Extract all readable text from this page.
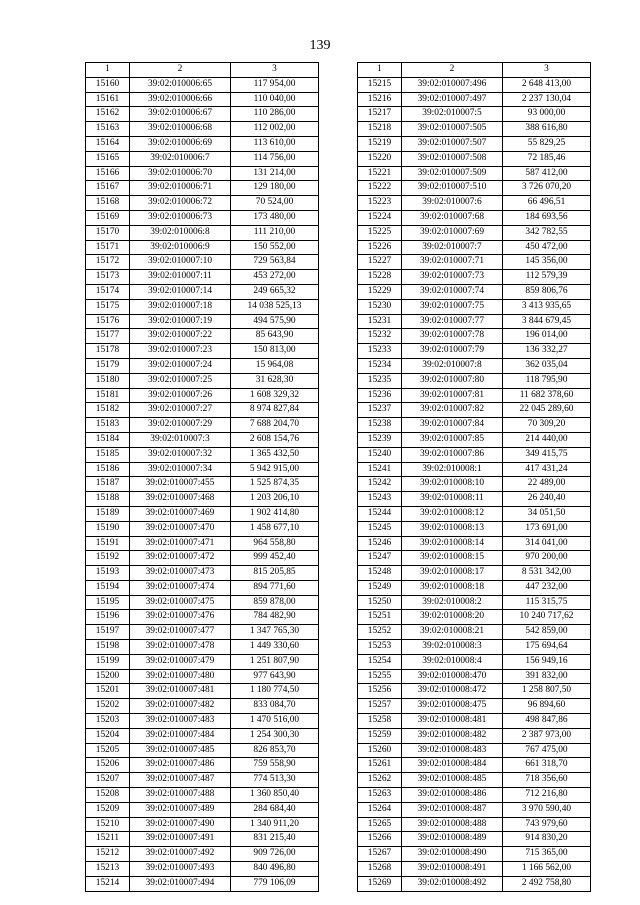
139
1	2	3
15160	39:02:010006:65	117 954,00
15161	39:02:010006:66	110 040,00
15162	39:02:010006:67	110 286,00
15163	39:02:010006:68	112 002,00
15164	39:02:010006:69	113 610,00
15165	39:02:010006:7	114 756,00
15166	39:02:010006:70	131 214,00
15167	39:02:010006:71	129 180,00
15168	39:02:010006:72	70 524,00
15169	39:02:010006:73	173 480,00
15170	39:02:010006:8	111 210,00
15171	39:02:010006:9	150 552,00
15172	39:02:010007:10	729 563,84
15173	39:02:010007:11	453 272,00
15174	39:02:010007:14	249 665,32
15175	39:02:010007:18	14 038 525,13
15176	39:02:010007:19	494 575,90
15177	39:02:010007:22	85 643,90
15178	39:02:010007:23	150 813,00
15179	39:02:010007:24	15 964,08
15180	39:02:010007:25	31 628,30
15181	39:02:010007:26	1 608 329,32
15182	39:02:010007:27	8 974 827,84
15183	39:02:010007:29	7 688 204,70
15184	39:02:010007:3	2 608 154,76
15185	39:02:010007:32	1 365 432,50
15186	39:02:010007:34	5 942 915,00
15187	39:02:010007:455	1 525 874,35
15188	39:02:010007:468	1 203 206,10
15189	39:02:010007:469	1 902 414,80
15190	39:02:010007:470	1 458 677,10
15191	39:02:010007:471	964 558,80
15192	39:02:010007:472	999 452,40
15193	39:02:010007:473	815 205,85
15194	39:02:010007:474	894 771,60
15195	39:02:010007:475	859 878,00
15196	39:02:010007:476	784 482,90
15197	39:02:010007:477	1 347 765,30
15198	39:02:010007:478	1 449 330,60
15199	39:02:010007:479	1 251 807,90
15200	39:02:010007:480	977 643,90
15201	39:02:010007:481	1 180 774,50
15202	39:02:010007:482	833 084,70
15203	39:02:010007:483	1 470 516,00
15204	39:02:010007:484	1 254 300,30
15205	39:02:010007:485	826 853,70
15206	39:02:010007:486	759 558,90
15207	39:02:010007:487	774 513,30
15208	39:02:010007:488	1 360 850,40
15209	39:02:010007:489	284 684,40
15210	39:02:010007:490	1 340 911,20
15211	39:02:010007:491	831 215,40
15212	39:02:010007:492	909 726,00
15213	39:02:010007:493	840 496,80
15214	39:02:010007:494	779 106,09
1	2	3
15215	39:02:010007:496	2 648 413,00
15216	39:02:010007:497	2 237 130,04
15217	39:02:010007:5	93 000,00
15218	39:02:010007:505	388 616,80
15219	39:02:010007:507	55 829,25
15220	39:02:010007:508	72 185,46
15221	39:02:010007:509	587 412,00
15222	39:02:010007:510	3 726 070,20
15223	39:02:010007:6	66 496,51
15224	39:02:010007:68	184 693,56
15225	39:02:010007:69	342 782,55
15226	39:02:010007:7	450 472,00
15227	39:02:010007:71	145 356,00
15228	39:02:010007:73	112 579,39
15229	39:02:010007:74	859 806,76
15230	39:02:010007:75	3 413 935,65
15231	39:02:010007:77	3 844 679,45
15232	39:02:010007:78	196 014,00
15233	39:02:010007:79	136 332,27
15234	39:02:010007:8	362 035,04
15235	39:02:010007:80	118 795,90
15236	39:02:010007:81	11 682 378,60
15237	39:02:010007:82	22 045 289,60
15238	39:02:010007:84	70 309,20
15239	39:02:010007:85	214 440,00
15240	39:02:010007:86	349 415,75
15241	39:02:010008:1	417 431,24
15242	39:02:010008:10	22 489,00
15243	39:02:010008:11	26 240,40
15244	39:02:010008:12	34 051,50
15245	39:02:010008:13	173 691,00
15246	39:02:010008:14	314 041,00
15247	39:02:010008:15	970 200,00
15248	39:02:010008:17	8 531 342,00
15249	39:02:010008:18	447 232,00
15250	39:02:010008:2	115 315,75
15251	39:02:010008:20	10 240 717,62
15252	39:02:010008:21	542 859,00
15253	39:02:010008:3	175 694,64
15254	39:02:010008:4	156 949,16
15255	39:02:010008:470	391 832,00
15256	39:02:010008:472	1 258 807,50
15257	39:02:010008:475	96 894,60
15258	39:02:010008:481	498 847,86
15259	39:02:010008:482	2 387 973,00
15260	39:02:010008:483	767 475,00
15261	39:02:010008:484	661 318,70
15262	39:02:010008:485	718 356,60
15263	39:02:010008:486	712 216,80
15264	39:02:010008:487	3 970 590,40
15265	39:02:010008:488	743 979,60
15266	39:02:010008:489	914 830,20
15267	39:02:010008:490	715 365,00
15268	39:02:010008:491	1 166 562,00
15269	39:02:010008:492	2 492 758,80
